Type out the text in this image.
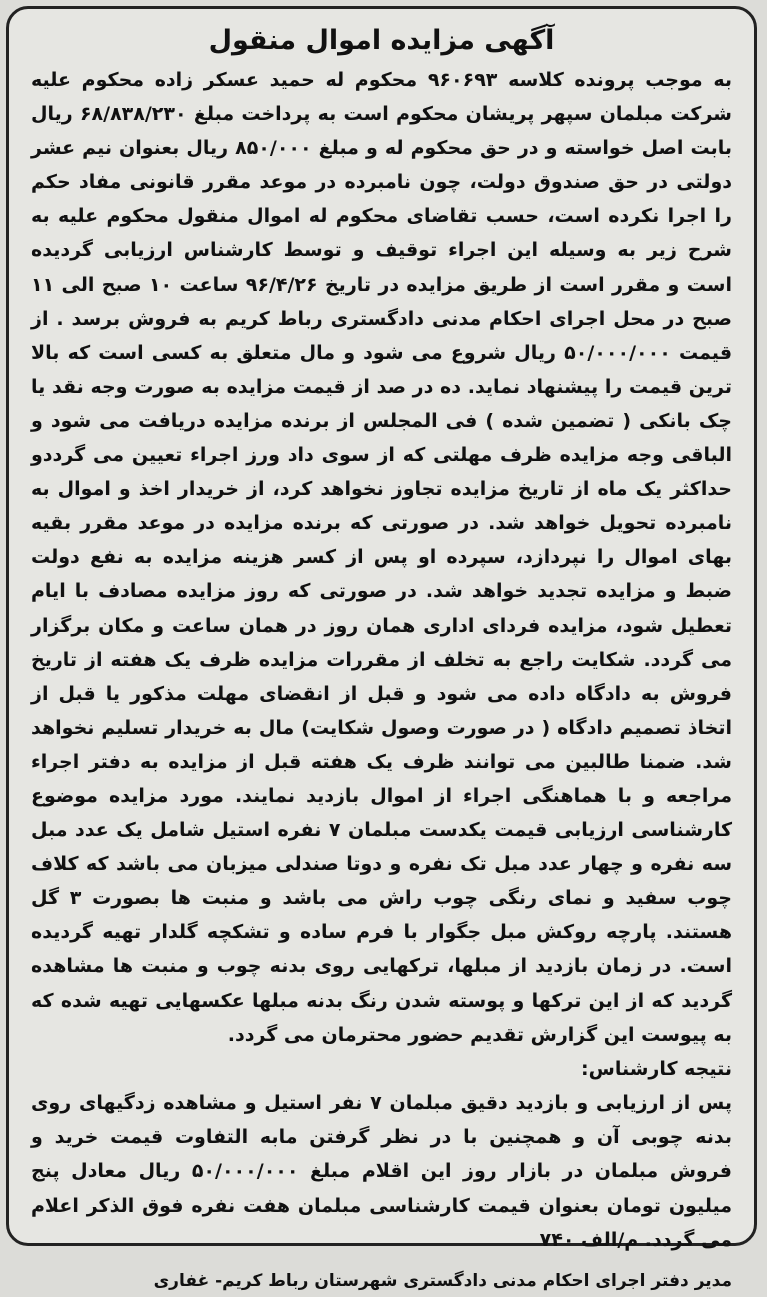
آگهی مزایده اموال منقول

به موجب پرونده کلاسه ۹۶۰۶۹۳ محکوم له حمید عسکر زاده محکوم علیه شرکت مبلمان سپهر پریشان محکوم است به پرداخت مبلغ ۶۸/۸۳۸/۲۳۰ ریال بابت اصل خواسته و در حق محکوم له و مبلغ ۸۵۰/۰۰۰ ریال بعنوان نیم عشر دولتی در حق صندوق دولت، چون نامبرده در موعد مقرر قانونی مفاد حکم را اجرا نکرده است، حسب تقاضای محکوم له اموال منقول محکوم علیه به شرح زیر به وسیله این اجراء توقیف و توسط کارشناس ارزیابی گردیده است و مقرر است از طریق مزایده در تاریخ ۹۶/۴/۲۶ ساعت ۱۰ صبح الی ۱۱ صبح در محل اجرای احکام مدنی دادگستری رباط کریم به فروش برسد . از قیمت ۵۰/۰۰۰/۰۰۰ ریال شروع می شود و مال متعلق به کسی است که بالا ترین قیمت را پیشنهاد نماید. ده در صد از قیمت مزایده به صورت وجه نقد یا چک بانکی ( تضمین شده ) فی المجلس از برنده مزایده دریافت می شود و الباقی وجه مزایده ظرف مهلتی که از سوی داد ورز اجراء تعیین می گرددو حداکثر یک ماه از تاریخ مزایده تجاوز نخواهد کرد، از خریدار اخذ و اموال به نامبرده تحویل خواهد شد. در صورتی که برنده مزایده در موعد مقرر بقیه بهای اموال را نپردازد، سپرده او پس از کسر هزینه مزایده به نفع دولت ضبط و مزایده تجدید خواهد شد. در صورتی که روز مزایده مصادف با ایام تعطیل شود، مزایده فردای اداری همان روز در همان ساعت و مکان برگزار می گردد. شکایت راجع به تخلف از مقررات مزایده ظرف یک هفته از تاریخ فروش به دادگاه داده می شود و قبل از انقضای مهلت مذکور یا قبل از اتخاذ تصمیم دادگاه ( در صورت وصول شکایت) مال به خریدار تسلیم نخواهد شد. ضمنا طالبین می توانند ظرف یک هفته قبل از مزایده به دفتر اجراء مراجعه و با هماهنگی اجراء از اموال بازدید نمایند. مورد مزایده موضوع کارشناسی ارزیابی قیمت یکدست مبلمان ۷ نفره استیل شامل یک عدد مبل سه نفره و چهار عدد مبل تک نفره و دوتا صندلی میزبان می باشد که کلاف چوب سفید و نمای رنگی چوب راش می باشد و منبت ها بصورت ۳ گل هستند. پارچه روکش مبل جگوار با فرم ساده و تشکچه گلدار تهیه گردیده است. در زمان بازدید از مبلها، ترکهایی روی بدنه چوب و منبت ها مشاهده گردید که از این ترکها و پوسته شدن رنگ بدنه مبلها عکسهایی تهیه شده که به پیوست این گزارش تقدیم حضور محترمان می گردد.

نتیجه کارشناس:

پس از ارزیابی و بازدید دقیق مبلمان ۷ نفر استیل و مشاهده زدگیهای روی بدنه چوبی آن و همچنین با در نظر گرفتن مابه التفاوت قیمت خرید و فروش مبلمان در بازار روز این اقلام مبلغ ۵۰/۰۰۰/۰۰۰ ریال معادل پنج میلیون تومان بعنوان قیمت کارشناسی مبلمان هفت نفره فوق الذکر اعلام می گردد. م/الف ۷۴۰

مدیر دفتر اجرای احکام مدنی دادگستری شهرستان رباط کریم- غفاری
